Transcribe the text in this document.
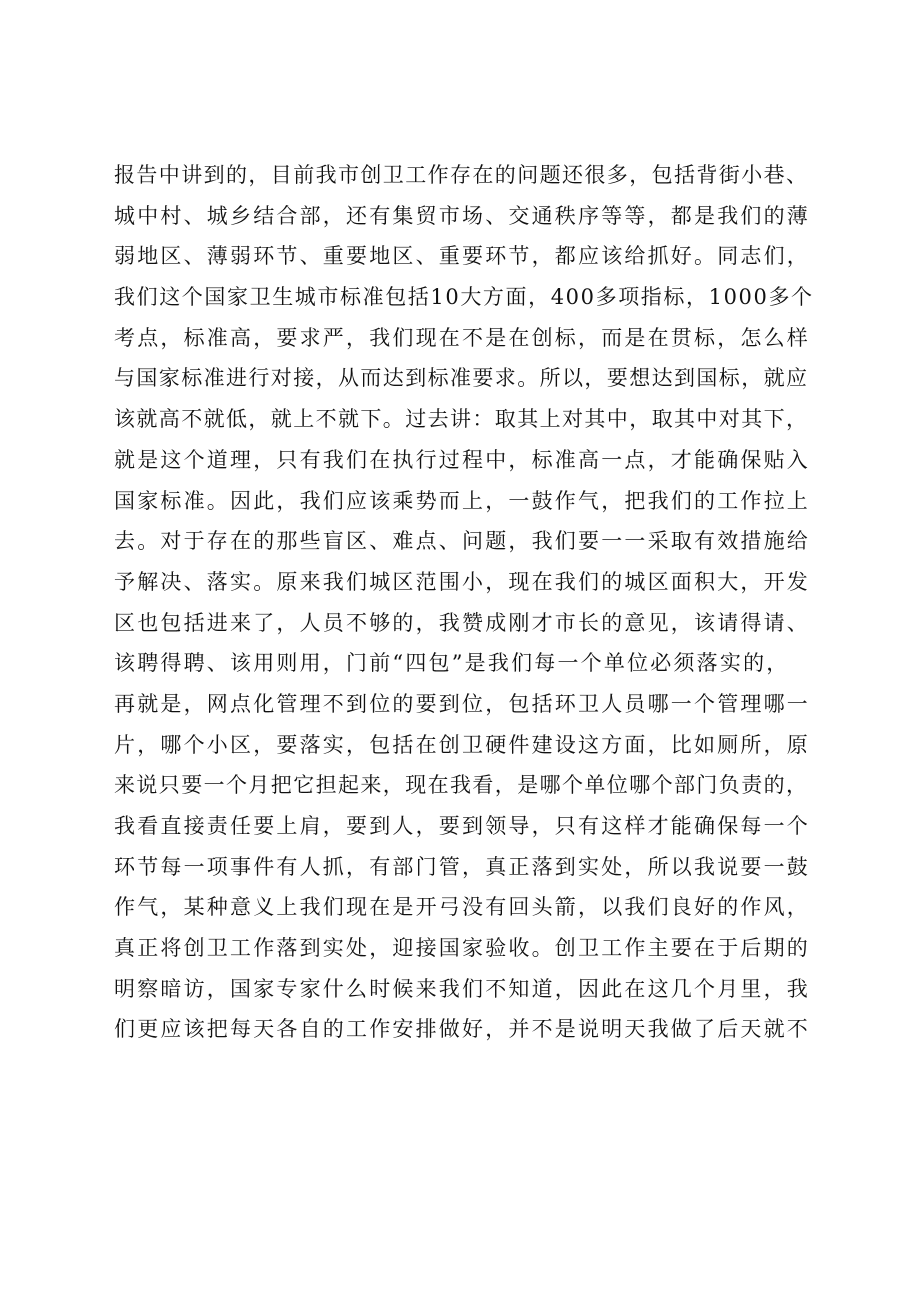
报告中讲到的，目前我市创卫工作存在的问题还很多，包括背街小巷、
城中村、城乡结合部，还有集贸市场、交通秩序等等，都是我们的薄
弱地区、薄弱环节、重要地区、重要环节，都应该给抓好。同志们，
我们这个国家卫生城市标准包括10大方面，400多项指标，1000多个
考点，标准高，要求严，我们现在不是在创标，而是在贯标，怎么样
与国家标准进行对接，从而达到标准要求。所以，要想达到国标，就应
该就高不就低，就上不就下。过去讲：取其上对其中，取其中对其下，
就是这个道理，只有我们在执行过程中，标准高一点，才能确保贴入
国家标准。因此，我们应该乘势而上，一鼓作气，把我们的工作拉上
去。对于存在的那些盲区、难点、问题，我们要一一采取有效措施给
予解决、落实。原来我们城区范围小，现在我们的城区面积大，开发
区也包括进来了，人员不够的，我赞成刚才市长的意见，该请得请、
该聘得聘、该用则用，门前“四包”是我们每一个单位必须落实的，
再就是，网点化管理不到位的要到位，包括环卫人员哪一个管理哪一
片，哪个小区，要落实，包括在创卫硬件建设这方面，比如厕所，原
来说只要一个月把它担起来，现在我看，是哪个单位哪个部门负责的，
我看直接责任要上肩，要到人，要到领导，只有这样才能确保每一个
环节每一项事件有人抓，有部门管，真正落到实处，所以我说要一鼓
作气，某种意义上我们现在是开弓没有回头箭，以我们良好的作风，
真正将创卫工作落到实处，迎接国家验收。创卫工作主要在于后期的
明察暗访，国家专家什么时候来我们不知道，因此在这几个月里，我
们更应该把每天各自的工作安排做好，并不是说明天我做了后天就不
